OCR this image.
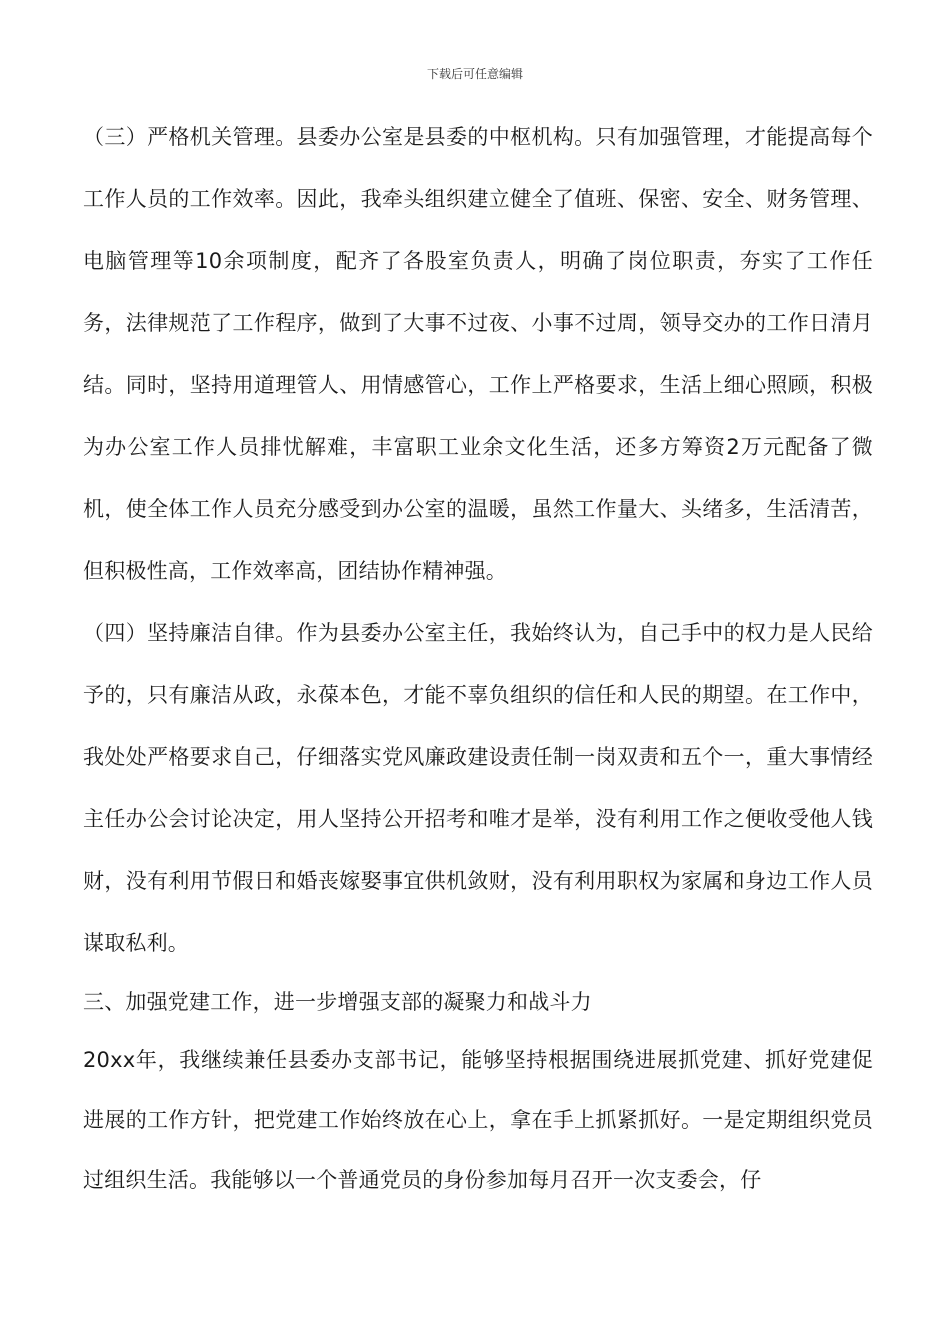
下载后可任意编辑

（三）严格机关管理。县委办公室是县委的中枢机构。只有加强管理，才能提高每个工作人员的工作效率。因此，我牵头组织建立健全了值班、保密、安全、财务管理、电脑管理等10余项制度，配齐了各股室负责人，明确了岗位职责，夯实了工作任务，法律规范了工作程序，做到了大事不过夜、小事不过周，领导交办的工作日清月结。同时，坚持用道理管人、用情感管心，工作上严格要求，生活上细心照顾，积极为办公室工作人员排忧解难，丰富职工业余文化生活，还多方筹资2万元配备了微机，使全体工作人员充分感受到办公室的温暖，虽然工作量大、头绪多，生活清苦，但积极性高，工作效率高，团结协作精神强。

（四）坚持廉洁自律。作为县委办公室主任，我始终认为，自己手中的权力是人民给予的，只有廉洁从政，永葆本色，才能不辜负组织的信任和人民的期望。在工作中，我处处严格要求自己，仔细落实党风廉政建设责任制一岗双责和五个一，重大事情经主任办公会讨论决定，用人坚持公开招考和唯才是举，没有利用工作之便收受他人钱财，没有利用节假日和婚丧嫁娶事宜供机敛财，没有利用职权为家属和身边工作人员谋取私利。

三、加强党建工作，进一步增强支部的凝聚力和战斗力

20xx年，我继续兼任县委办支部书记，能够坚持根据围绕进展抓党建、抓好党建促进展的工作方针，把党建工作始终放在心上，拿在手上抓紧抓好。一是定期组织党员过组织生活。我能够以一个普通党员的身份参加每月召开一次支委会，仔
